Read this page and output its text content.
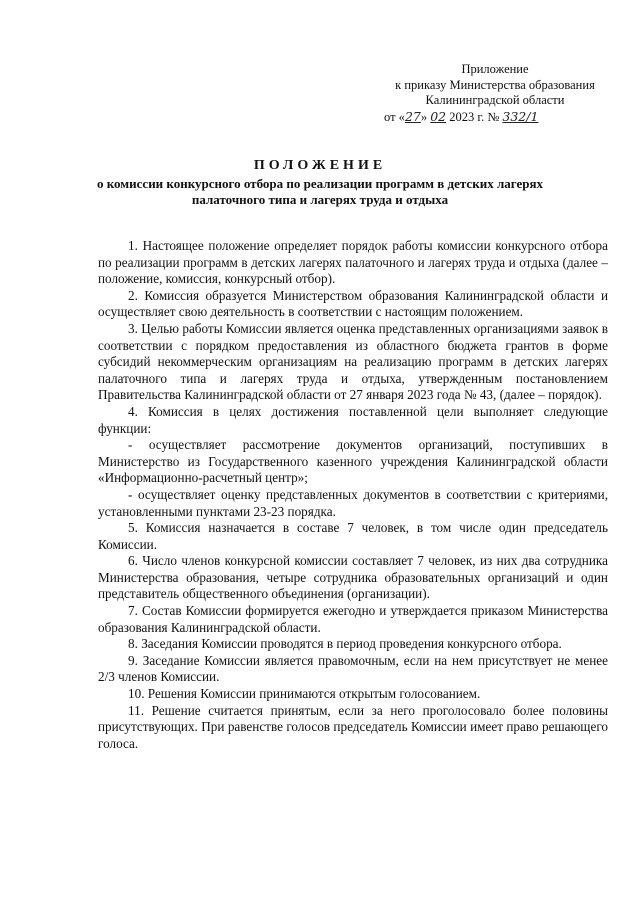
Приложение
к приказу Министерства образования
Калининградской области
от «27» 02 2023 г. № 332/1
ПОЛОЖЕНИЕ
о комиссии конкурсного отбора по реализации программ в детских лагерях палаточного типа и лагерях труда и отдыха

1. Настоящее положение определяет порядок работы комиссии конкурсного отбора по реализации программ в детских лагерях палаточного и лагерях труда и отдыха (далее – положение, комиссия, конкурсный отбор).

2. Комиссия образуется Министерством образования Калининградской области и осуществляет свою деятельность в соответствии с настоящим положением.

3. Целью работы Комиссии является оценка представленных организациями заявок в соответствии с порядком предоставления из областного бюджета грантов в форме субсидий некоммерческим организациям на реализацию программ в детских лагерях палаточного типа и лагерях труда и отдыха, утвержденным постановлением Правительства Калининградской области от 27 января 2023 года № 43, (далее – порядок).

4. Комиссия в целях достижения поставленной цели выполняет следующие функции:

- осуществляет рассмотрение документов организаций, поступивших в Министерство из Государственного казенного учреждения Калининградской области «Информационно-расчетный центр»;

- осуществляет оценку представленных документов в соответствии с критериями, установленными пунктами 23-23 порядка.

5. Комиссия назначается в составе 7 человек, в том числе один председатель Комиссии.

6. Число членов конкурсной комиссии составляет 7 человек, из них два сотрудника Министерства образования, четыре сотрудника образовательных организаций и один представитель общественного объединения (организации).

7. Состав Комиссии формируется ежегодно и утверждается приказом Министерства образования Калининградской области.

8. Заседания Комиссии проводятся в период проведения конкурсного отбора.

9. Заседание Комиссии является правомочным, если на нем присутствует не менее 2/3 членов Комиссии.

10. Решения Комиссии принимаются открытым голосованием.

11. Решение считается принятым, если за него проголосовало более половины присутствующих. При равенстве голосов председатель Комиссии имеет право решающего голоса.
